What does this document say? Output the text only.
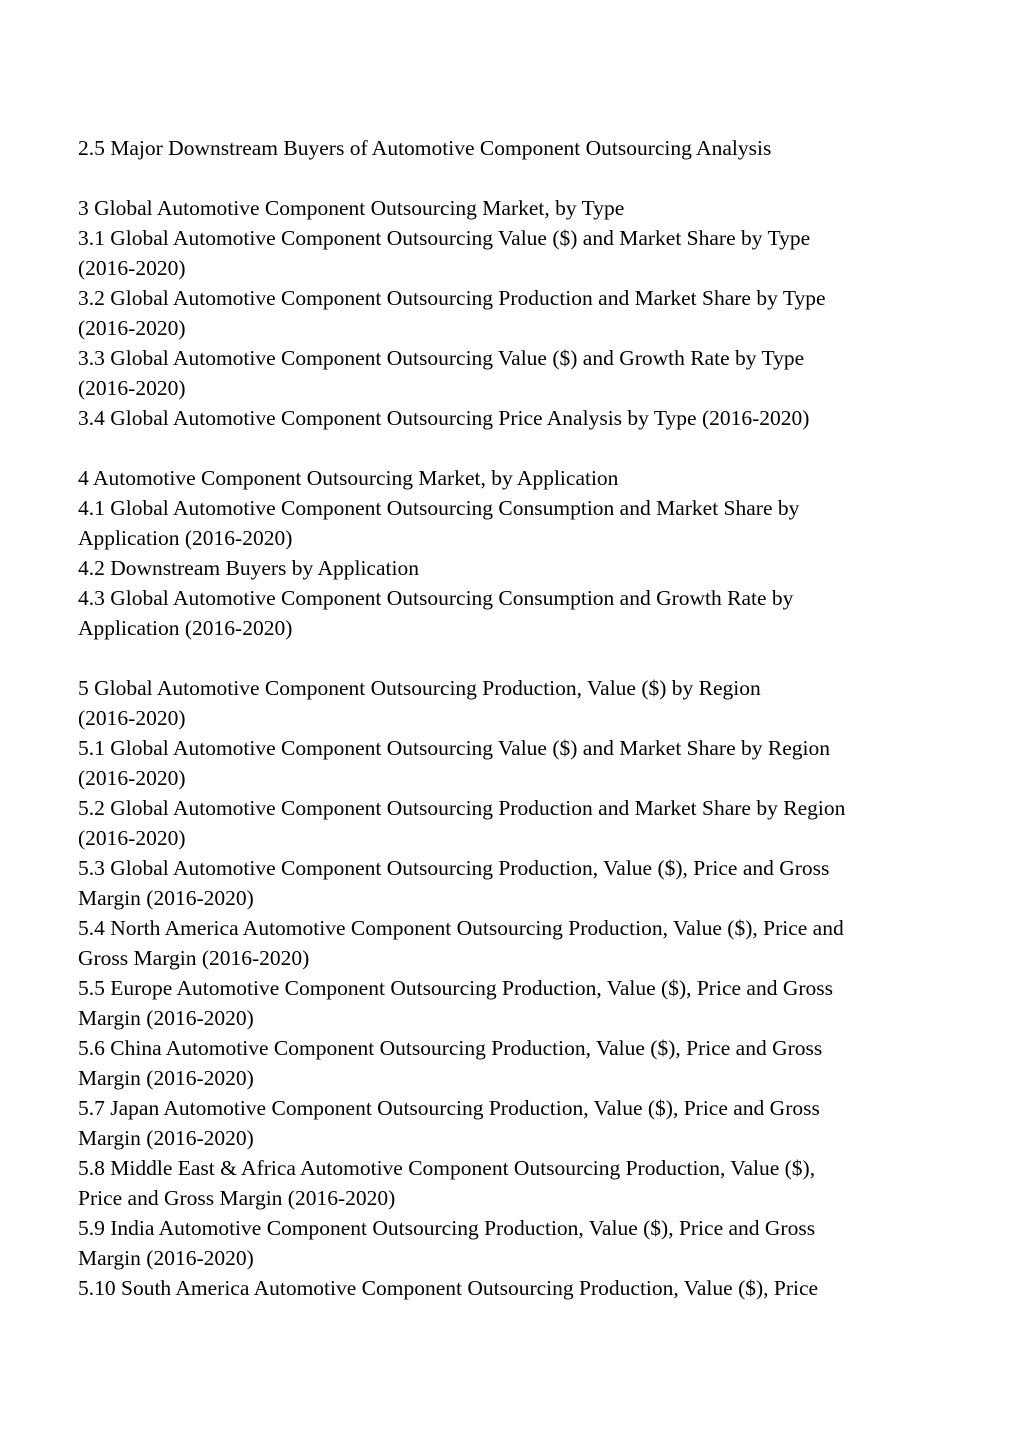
2.5 Major Downstream Buyers of Automotive Component Outsourcing Analysis
3 Global Automotive Component Outsourcing Market, by Type
3.1 Global Automotive Component Outsourcing Value ($) and Market Share by Type
(2016-2020)
3.2 Global Automotive Component Outsourcing Production and Market Share by Type
(2016-2020)
3.3 Global Automotive Component Outsourcing Value ($) and Growth Rate by Type
(2016-2020)
3.4 Global Automotive Component Outsourcing Price Analysis by Type (2016-2020)
4 Automotive Component Outsourcing Market, by Application
4.1 Global Automotive Component Outsourcing Consumption and Market Share by
Application (2016-2020)
4.2 Downstream Buyers by Application
4.3 Global Automotive Component Outsourcing Consumption and Growth Rate by
Application (2016-2020)
5 Global Automotive Component Outsourcing Production, Value ($) by Region
(2016-2020)
5.1 Global Automotive Component Outsourcing Value ($) and Market Share by Region
(2016-2020)
5.2 Global Automotive Component Outsourcing Production and Market Share by Region
(2016-2020)
5.3 Global Automotive Component Outsourcing Production, Value ($), Price and Gross
Margin (2016-2020)
5.4 North America Automotive Component Outsourcing Production, Value ($), Price and
Gross Margin (2016-2020)
5.5 Europe Automotive Component Outsourcing Production, Value ($), Price and Gross
Margin (2016-2020)
5.6 China Automotive Component Outsourcing Production, Value ($), Price and Gross
Margin (2016-2020)
5.7 Japan Automotive Component Outsourcing Production, Value ($), Price and Gross
Margin (2016-2020)
5.8 Middle East & Africa Automotive Component Outsourcing Production, Value ($),
Price and Gross Margin (2016-2020)
5.9 India Automotive Component Outsourcing Production, Value ($), Price and Gross
Margin (2016-2020)
5.10 South America Automotive Component Outsourcing Production, Value ($), Price
